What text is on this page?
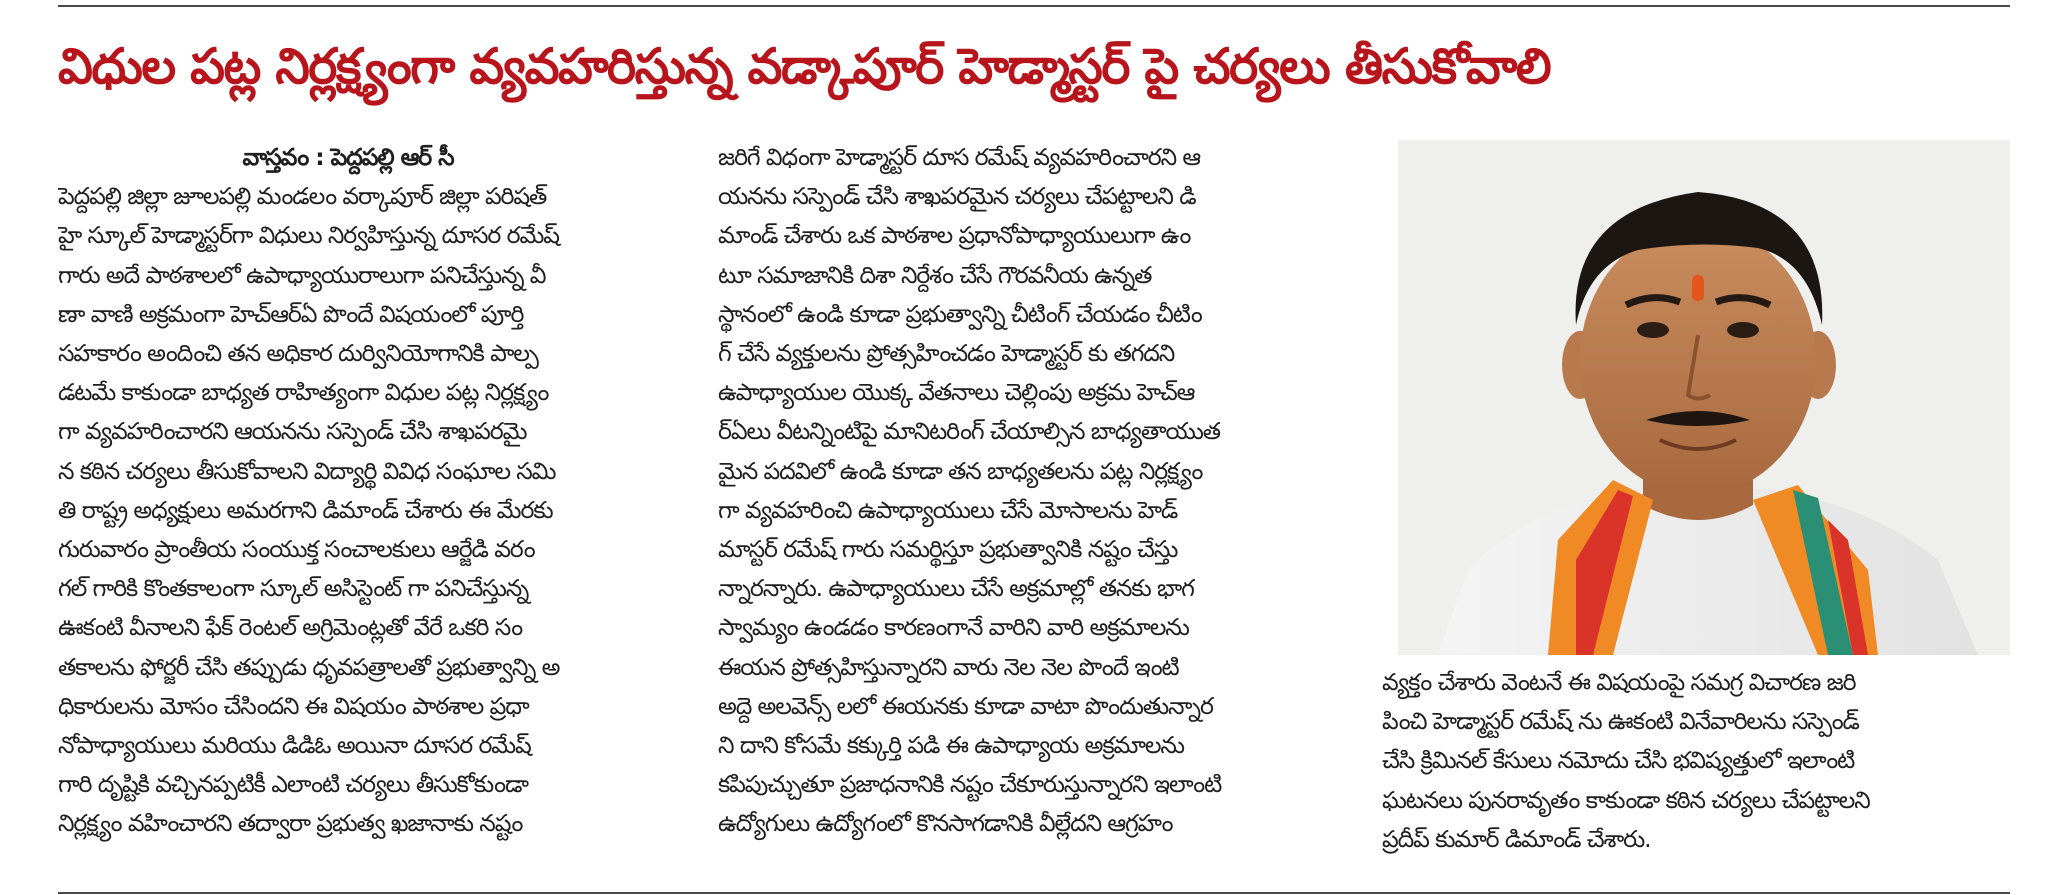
విధుల పట్ల నిర్లక్ష్యంగా వ్యవహరిస్తున్న వడ్కాపూర్ హెడ్మాస్టర్ పై చర్యలు తీసుకోవాలి
వాస్తవం : పెద్దపల్లి ఆర్ సీ
పెద్దపల్లి జిల్లా జూలపల్లి మండలం వర్కాపూర్ జిల్లా పరిషత్
హై స్కూల్ హెడ్మాస్టర్‌గా విధులు నిర్వహిస్తున్న దూసర రమేష్
గారు అదే పాఠశాలలో ఉపాధ్యాయురాలుగా పనిచేస్తున్న వీ
ణా వాణి అక్రమంగా హెచ్ఆర్ఏ పొందే విషయంలో పూర్తి
సహకారం అందించి తన అధికార దుర్వినియోగానికి పాల్ప
డటమే కాకుండా బాధ్యత రాహిత్యంగా విధుల పట్ల నిర్లక్ష్యం
గా వ్యవహరించారని ఆయనను సస్పెండ్ చేసి శాఖపరమై
న కఠిన చర్యలు తీసుకోవాలని విద్యార్థి వివిధ సంఘాల సమి
తి రాష్ట్ర అధ్యక్షులు అమరగాని డిమాండ్ చేశారు ఈ మేరకు
గురువారం ప్రాంతీయ సంయుక్త సంచాలకులు ఆర్జేడి వరం
గల్ గారికి కొంతకాలంగా స్కూల్ అసిస్టెంట్ గా పనిచేస్తున్న
ఊకంటి వీనాలని ఫేక్ రెంటల్ అగ్రిమెంట్లతో వేరే ఒకరి సం
తకాలను ఫోర్జరీ చేసి తప్పుడు ధృవపత్రాలతో ప్రభుత్వాన్ని అ
ధికారులను మోసం చేసిందని ఈ విషయం పాఠశాల ప్రధా
నోపాధ్యాయులు మరియు డిడిఓ అయినా దూసర రమేష్
గారి దృష్టికి వచ్చినప్పటికీ ఎలాంటి చర్యలు తీసుకోకుండా
నిర్లక్ష్యం వహించారని తద్వారా ప్రభుత్వ ఖజానాకు నష్టం
జరిగే విధంగా హెడ్మాస్టర్ దూస రమేష్ వ్యవహరించారని ఆ
యనను సస్పెండ్ చేసి శాఖపరమైన చర్యలు చేపట్టాలని డి
మాండ్ చేశారు ఒక పాఠశాల ప్రధానోపాధ్యాయులుగా ఉం
టూ సమాజానికి దిశా నిర్దేశం చేసే గౌరవనీయ ఉన్నత
స్థానంలో ఉండి కూడా ప్రభుత్వాన్ని చీటింగ్ చేయడం చీటిం
గ్ చేసే వ్యక్తులను ప్రోత్సహించడం హెడ్మాస్టర్ కు తగదని
ఉపాధ్యాయుల యొక్క వేతనాలు చెల్లింపు అక్రమ హెచ్ఆ
ర్ఏలు వీటన్నింటిపై మానిటరింగ్ చేయాల్సిన బాధ్యతాయుత
మైన పదవిలో ఉండి కూడా తన బాధ్యతలను పట్ల నిర్లక్ష్యం
గా వ్యవహరించి ఉపాధ్యాయులు చేసే మోసాలను హెడ్
మాస్టర్ రమేష్ గారు సమర్థిస్తూ ప్రభుత్వానికి నష్టం చేస్తు
న్నారన్నారు. ఉపాధ్యాయులు చేసే అక్రమాల్లో తనకు భాగ
స్వామ్యం ఉండడం కారణంగానే వారిని వారి అక్రమాలను
ఈయన ప్రోత్సహిస్తున్నారని వారు నెల నెల పొందే ఇంటి
అద్దె అలవెన్స్ లలో ఈయనకు కూడా వాటా పొందుతున్నార
ని దాని కోసమే కక్కుర్తి పడి ఈ ఉపాధ్యాయ అక్రమాలను
కపిపుచ్చుతూ ప్రజాధనానికి నష్టం చేకూరుస్తున్నారని ఇలాంటి
ఉద్యోగులు ఉద్యోగంలో కొనసాగడానికి వీల్లేదని ఆగ్రహం
వ్యక్తం చేశారు వెంటనే ఈ విషయంపై సమగ్ర విచారణ జరి
పించి హెడ్మాస్టర్ రమేష్ ను ఊకంటి వినేవారిలను సస్పెండ్
చేసి క్రిమినల్ కేసులు నమోదు చేసి భవిష్యత్తులో ఇలాంటి
ఘటనలు పునరావృతం కాకుండా కఠిన చర్యలు చేపట్టాలని
ప్రదీప్ కుమార్ డిమాండ్ చేశారు.
